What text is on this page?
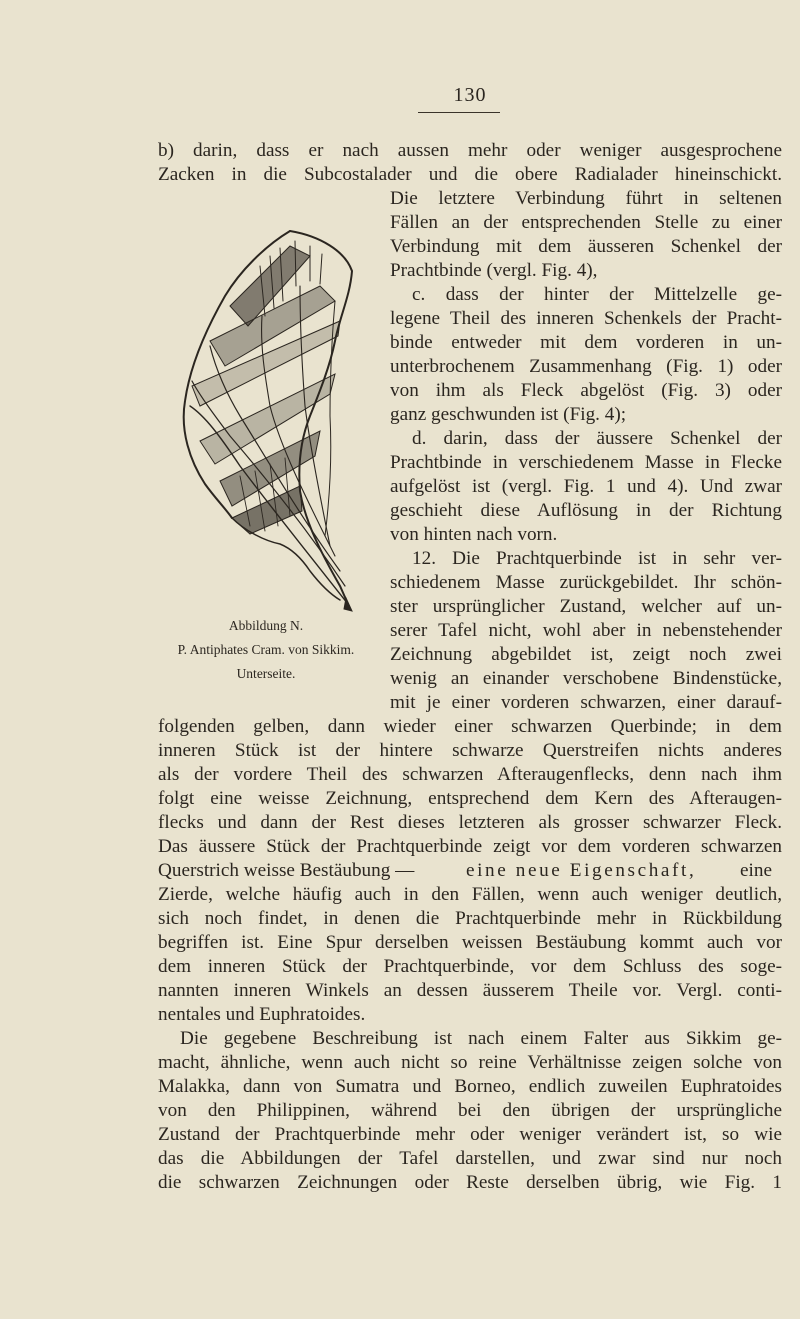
130
Abbildung N.
P. Antiphates Cram. von Sikkim.
Unterseite.
b) darin, dass er nach aussen mehr oder weniger ausgesprochene
Zacken in die Subcostalader und die obere Radialader hineinschickt.
Die letztere Verbindung führt in seltenen
Fällen an der entsprechenden Stelle zu einer
Verbindung mit dem äusseren Schenkel der
Prachtbinde (vergl. Fig. 4),
c. dass der hinter der Mittelzelle ge-
legene Theil des inneren Schenkels der Pracht-
binde entweder mit dem vorderen in un-
unterbrochenem Zusammenhang (Fig. 1) oder
von ihm als Fleck abgelöst (Fig. 3) oder
ganz geschwunden ist (Fig. 4);
d. darin, dass der äussere Schenkel der
Prachtbinde in verschiedenem Masse in Flecke
aufgelöst ist (vergl. Fig. 1 und 4). Und zwar
geschieht diese Auflösung in der Richtung
von hinten nach vorn.
12. Die Prachtquerbinde ist in sehr ver-
schiedenem Masse zurückgebildet. Ihr schön-
ster ursprünglicher Zustand, welcher auf un-
serer Tafel nicht, wohl aber in nebenstehender
Zeichnung abgebildet ist, zeigt noch zwei
wenig an einander verschobene Bindenstücke,
mit je einer vorderen schwarzen, einer darauf-
folgenden gelben, dann wieder einer schwarzen Querbinde; in dem
inneren Stück ist der hintere schwarze Querstreifen nichts anderes
als der vordere Theil des schwarzen Afteraugenflecks, denn nach ihm
folgt eine weisse Zeichnung, entsprechend dem Kern des Afteraugen-
flecks und dann der Rest dieses letzteren als grosser schwarzer Fleck.
Das äussere Stück der Prachtquerbinde zeigt vor dem vorderen schwarzen
Querstrich weisse Bestäubung —	eine neue Eigenschaft, eine
Zierde, welche häufig auch in den Fällen, wenn auch weniger deutlich,
sich noch findet, in denen die Prachtquerbinde mehr in Rückbildung
begriffen ist. Eine Spur derselben weissen Bestäubung kommt auch vor
dem inneren Stück der Prachtquerbinde, vor dem Schluss des soge-
nannten inneren Winkels an dessen äusserem Theile vor. Vergl. conti-
nentales und Euphratoides.
Die gegebene Beschreibung ist nach einem Falter aus Sikkim ge-
macht, ähnliche, wenn auch nicht so reine Verhältnisse zeigen solche von
Malakka, dann von Sumatra und Borneo, endlich zuweilen Euphratoides
von den Philippinen, während bei den übrigen der ursprüngliche
Zustand der Prachtquerbinde mehr oder weniger verändert ist, so wie
das die Abbildungen der Tafel darstellen, und zwar sind nur noch
die schwarzen Zeichnungen oder Reste derselben übrig, wie Fig. 1
